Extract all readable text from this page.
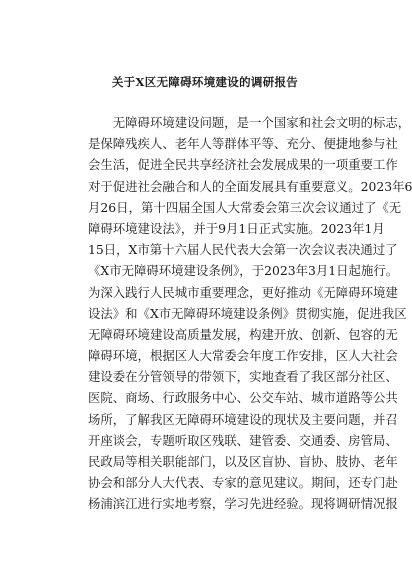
关于X区无障碍环境建设的调研报告
　　无障碍环境建设问题，是一个国家和社会文明的标志，
是保障残疾人、老年人等群体平等、充分、便捷地参与社
会生活，促进全民共享经济社会发展成果的一项重要工作
对于促进社会融合和人的全面发展具有重要意义。2023年6
月26日，第十四届全国人大常委会第三次会议通过了《无
障碍环境建设法》，并于9月1日正式实施。2023年1月
15日，X市第十六届人民代表大会第一次会议表决通过了
《X市无障碍环境建设条例》，于2023年3月1日起施行。
为深入践行人民城市重要理念，更好推动《无障碍环境建
设法》和《X市无障碍环境建设条例》贯彻实施，促进我区
无障碍环境建设高质量发展，构建开放、创新、包容的无
障碍环境，根据区人大常委会年度工作安排，区人大社会
建设委在分管领导的带领下，实地查看了我区部分社区、
医院、商场、行政服务中心、公交车站、城市道路等公共
场所，了解我区无障碍环境建设的现状及主要问题，并召
开座谈会，专题听取区残联、建管委、交通委、房管局、
民政局等相关职能部门，以及区盲协、盲协、肢协、老年
协会和部分人大代表、专家的意见建议。期间，还专门赴
杨浦滨江进行实地考察，学习先进经验。现将调研情况报
